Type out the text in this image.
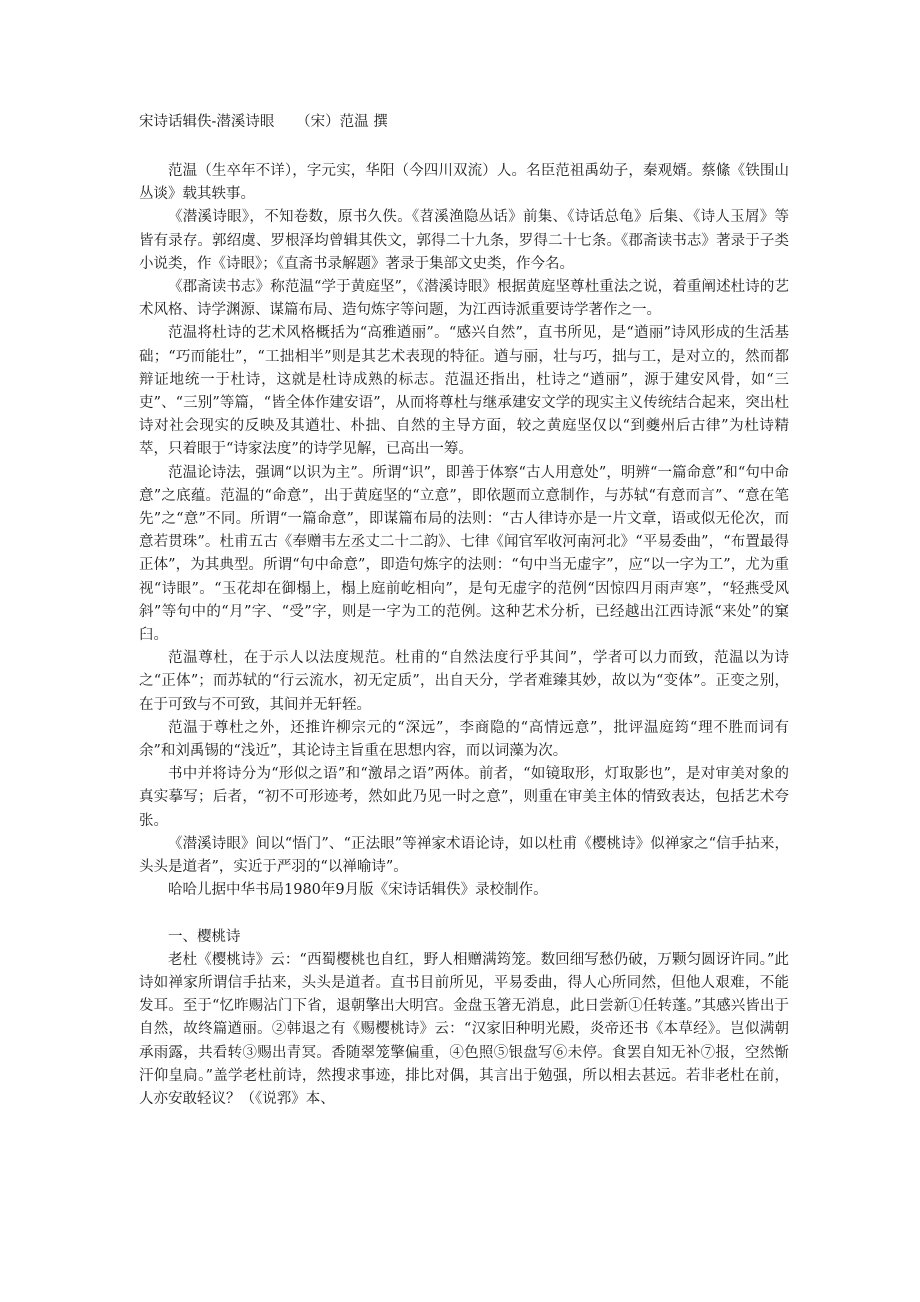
宋诗话辑佚-潜溪诗眼　　（宋）范温 撰

范温（生卒年不详），字元实，华阳（今四川双流）人。名臣范祖禹幼子，秦观婿。蔡絛《铁围山丛谈》载其轶事。

《潜溪诗眼》，不知卷数，原书久佚。《苕溪渔隐丛话》前集、《诗话总龟》后集、《诗人玉屑》等皆有录存。郭绍虞、罗根泽均曾辑其佚文，郭得二十九条，罗得二十七条。《郡斋读书志》著录于子类小说类，作《诗眼》；《直斋书录解题》著录于集部文史类，作今名。

《郡斋读书志》称范温“学于黄庭坚”，《潜溪诗眼》根据黄庭坚尊杜重法之说，着重阐述杜诗的艺术风格、诗学渊源、谋篇布局、造句炼字等问题，为江西诗派重要诗学著作之一。

范温将杜诗的艺术风格概括为“高雅遒丽”。“感兴自然”，直书所见，是“遒丽”诗风形成的生活基础；“巧而能壮”，“工拙相半”则是其艺术表现的特征。遒与丽，壮与巧，拙与工，是对立的，然而都辩证地统一于杜诗，这就是杜诗成熟的标志。范温还指出，杜诗之“遒丽”，源于建安风骨，如“三吏”、“三别”等篇，“皆全体作建安语”，从而将尊杜与继承建安文学的现实主义传统结合起来，突出杜诗对社会现实的反映及其遒壮、朴拙、自然的主导方面，较之黄庭坚仅以“到夔州后古律”为杜诗精萃，只着眼于“诗家法度”的诗学见解，已高出一筹。

范温论诗法，强调“以识为主”。所谓“识”，即善于体察“古人用意处”，明辨“一篇命意”和“句中命意”之底蕴。范温的“命意”，出于黄庭坚的“立意”，即依题而立意制作，与苏轼“有意而言”、“意在笔先”之“意”不同。所谓“一篇命意”，即谋篇布局的法则：“古人律诗亦是一片文章，语或似无伦次，而意若贯珠”。杜甫五古《奉赠韦左丞丈二十二韵》、七律《闻官军收河南河北》“平易委曲”，“布置最得正体”，为其典型。所谓“句中命意”，即造句炼字的法则：“句中当无虚字”，应“以一字为工”，尤为重视“诗眼”。“玉花却在御榻上，榻上庭前屹相向”，是句无虚字的范例“因惊四月雨声寒”，“轻燕受风斜”等句中的“月”字、“受”字，则是一字为工的范例。这种艺术分析，已经越出江西诗派“来处”的窠臼。

范温尊杜，在于示人以法度规范。杜甫的“自然法度行乎其间”，学者可以力而致，范温以为诗之“正体”；而苏轼的“行云流水，初无定质”，出自天分，学者难臻其妙，故以为“变体”。正变之别，在于可致与不可致，其间并无轩轾。

范温于尊杜之外，还推许柳宗元的“深远”，李商隐的“高情远意”，批评温庭筠“理不胜而词有余”和刘禹锡的“浅近”，其论诗主旨重在思想内容，而以词藻为次。

书中并将诗分为“形似之语”和“激昂之语”两体。前者，“如镜取形，灯取影也”，是对审美对象的真实摹写；后者，“初不可形迹考，然如此乃见一时之意”，则重在审美主体的情致表达，包括艺术夸张。

《潜溪诗眼》间以“悟门”、“正法眼”等禅家术语论诗，如以杜甫《樱桃诗》似禅家之“信手拈来，头头是道者”，实近于严羽的“以禅喻诗”。

哈哈儿据中华书局1980年9月版《宋诗话辑佚》录校制作。

一、樱桃诗

老杜《樱桃诗》云：“西蜀樱桃也自红，野人相赠满筠笼。数回细写愁仍破，万颗匀圆讶许同。”此诗如禅家所谓信手拈来，头头是道者。直书目前所见，平易委曲，得人心所同然，但他人艰难，不能发耳。至于“忆昨赐沾门下省，退朝擎出大明宫。金盘玉箸无消息，此日尝新①任转蓬。”其感兴皆出于自然，故终篇遒丽。②韩退之有《赐樱桃诗》云：“汉家旧种明光殿，炎帝还书《本草经》。岂似满朝承雨露，共看转③赐出青冥。香随翠笼擎偏重，④色照⑤银盘写⑥未停。食罢自知无补⑦报，空然惭汗仰皇扃。”盖学老杜前诗，然搜求事迹，排比对偶，其言出于勉强，所以相去甚远。若非老杜在前，人亦安敢轻议？（《说郛》本、
